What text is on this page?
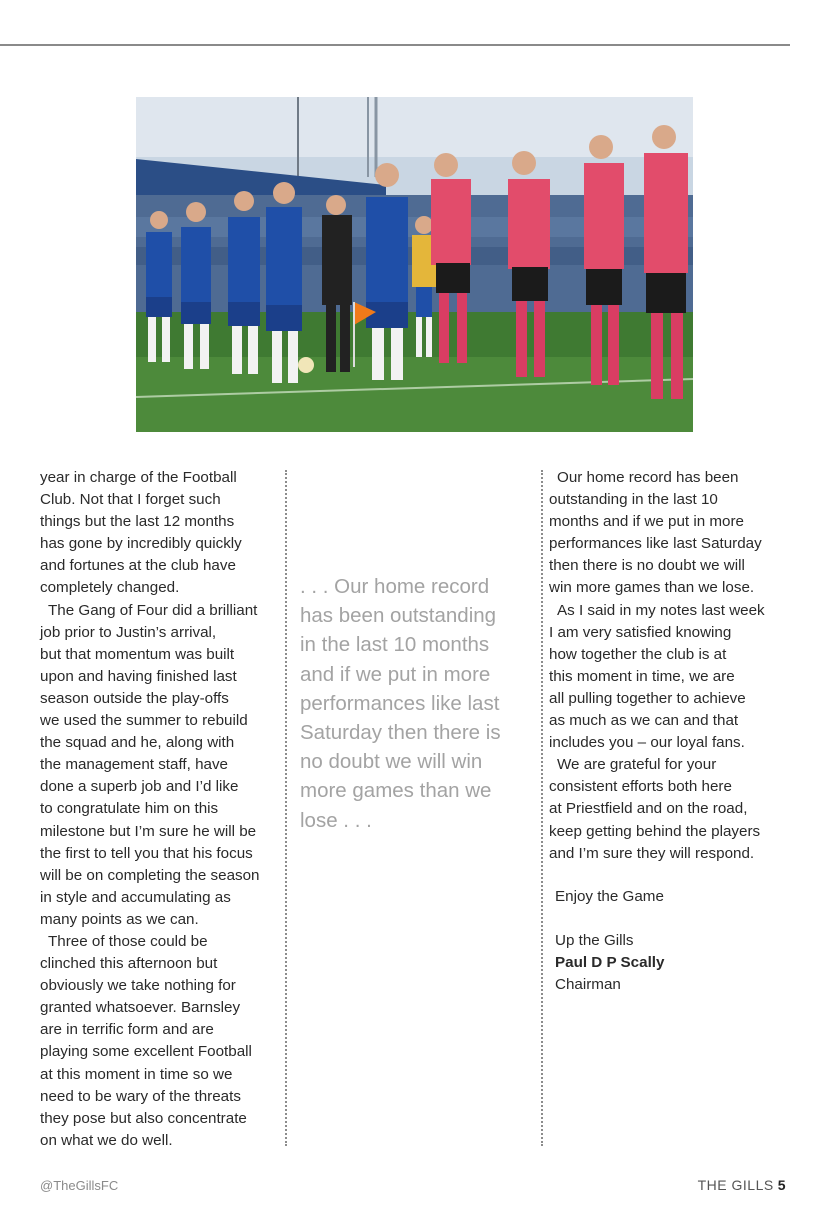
year in charge of the Football

Club. Not that I forget such

things but the last 12 months

has gone by incredibly quickly

and fortunes at the club have

completely changed.

The Gang of Four did a brilliant

job prior to Justin’s arrival,

but that momentum was built

upon and having finished last

season outside the play-offs

we used the summer to rebuild

the squad and he, along with

the management staff, have

done a superb job and I’d like

to congratulate him on this

milestone but I’m sure he will be

the first to tell you that his focus

will be on completing the season

in style and accumulating as

many points as we can.

Three of those could be

clinched this afternoon but

obviously we take nothing for

granted whatsoever. Barnsley

are in terrific form and are

playing some excellent Football

at this moment in time so we

need to be wary of the threats

they pose but also concentrate

on what we do well.

. . . Our home record

has been outstanding

in the last 10 months

and if we put in more

performances like last

Saturday then there is

no doubt we will win

more games than we

lose . . .

Our home record has been

outstanding in the last 10

months and if we put in more

performances like last Saturday

then there is no doubt we will

win more games than we lose.

As I said in my notes last week

I am very satisfied knowing

how together the club is at

this moment in time, we are

all pulling together to achieve

as much as we can and that

includes you – our loyal fans.

We are grateful for your

consistent efforts both here

at Priestfield and on the road,

keep getting behind the players

and I’m sure they will respond.

Enjoy the Game
Up the Gills
Paul D P Scally
Chairman
@TheGillsFC	THE GILLS 5
